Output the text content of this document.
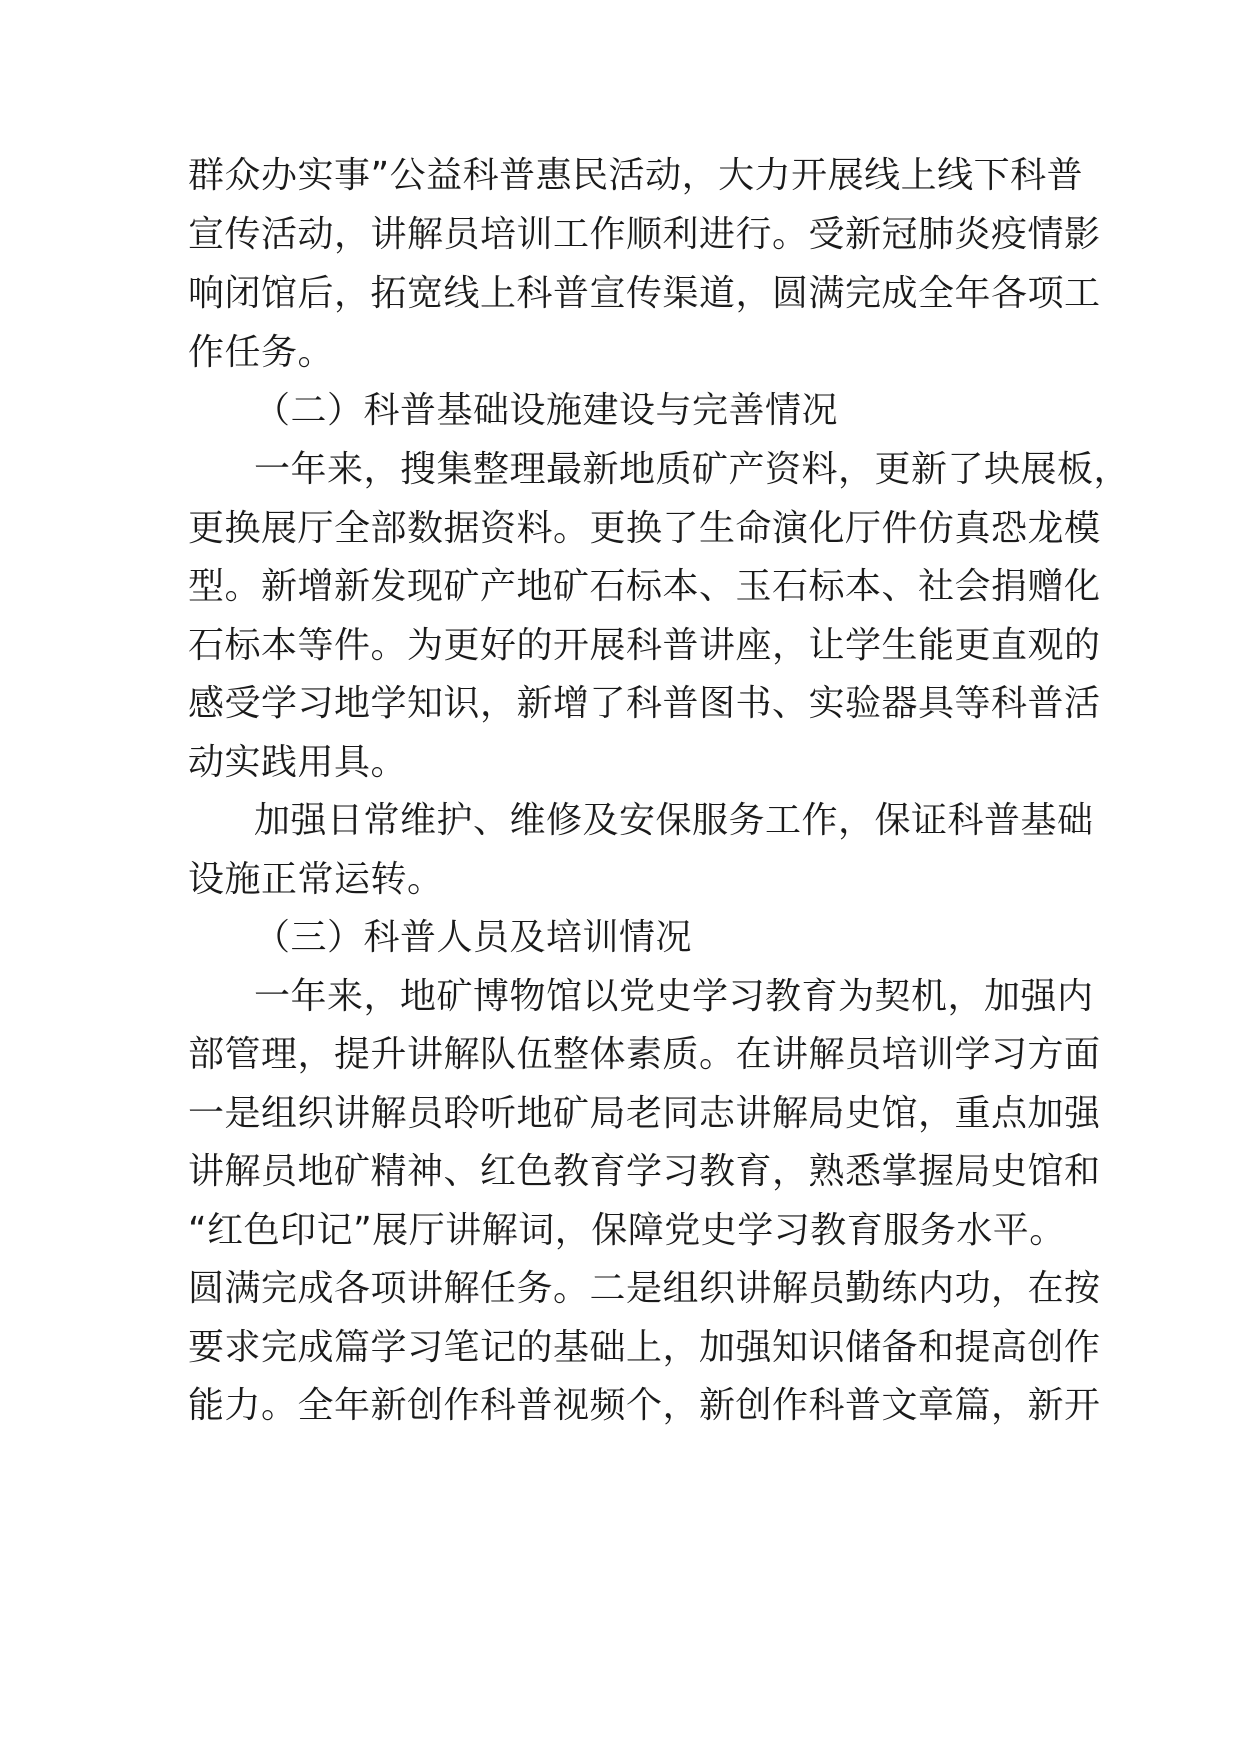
群众办实事”公益科普惠民活动，大力开展线上线下科普
宣传活动，讲解员培训工作顺利进行。受新冠肺炎疫情影
响闭馆后，拓宽线上科普宣传渠道，圆满完成全年各项工
作任务。
（二）科普基础设施建设与完善情况
一年来，搜集整理最新地质矿产资料，更新了块展板，
更换展厅全部数据资料。更换了生命演化厅件仿真恐龙模
型。新增新发现矿产地矿石标本、玉石标本、社会捐赠化
石标本等件。为更好的开展科普讲座，让学生能更直观的
感受学习地学知识，新增了科普图书、实验器具等科普活
动实践用具。
加强日常维护、维修及安保服务工作，保证科普基础
设施正常运转。
（三）科普人员及培训情况
一年来，地矿博物馆以党史学习教育为契机，加强内
部管理，提升讲解队伍整体素质。在讲解员培训学习方面
一是组织讲解员聆听地矿局老同志讲解局史馆，重点加强
讲解员地矿精神、红色教育学习教育，熟悉掌握局史馆和
“红色印记”展厅讲解词，保障党史学习教育服务水平。
圆满完成各项讲解任务。二是组织讲解员勤练内功，在按
要求完成篇学习笔记的基础上，加强知识储备和提高创作
能力。全年新创作科普视频个，新创作科普文章篇，新开
